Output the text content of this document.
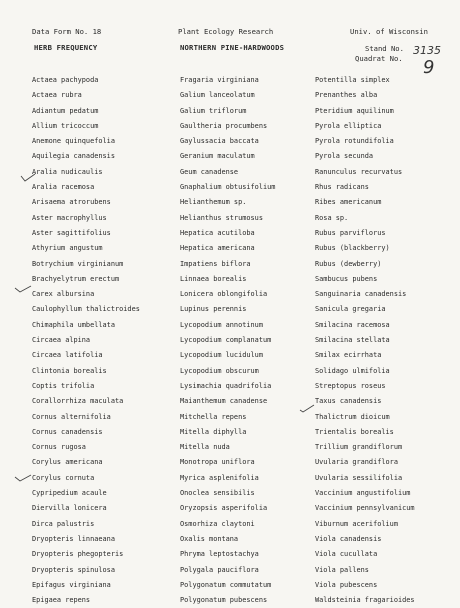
Data Form No. 18	Plant Ecology Research	Univ. of Wisconsin
HERB FREQUENCY	NORTHERN PINE-HARDWOODS	Stand No.
Quadrat No.
3135
9
Actaea pachypoda
Actaea rubra
Adiantum pedatum
Allium tricoccum
Anemone quinquefolia
Aquilegia canadensis
Aralia nudicaulis
Aralia racemosa
Arisaema atrorubens
Aster macrophyllus
Aster sagittifolius
Athyrium angustum
Botrychium virginianum
Brachyelytrum erectum
Carex albursina
Caulophyllum thalictroides
Chimaphila umbellata
Circaea alpina
Circaea latifolia
Clintonia borealis
Coptis trifolia
Corallorrhiza maculata
Cornus alternifolia
Cornus canadensis
Cornus rugosa
Corylus americana
Corylus cornuta
Cypripedium acaule
Diervilla lonicera
Dirca palustris
Dryopteris linnaeana
Dryopteris phegopteris
Dryopteris spinulosa
Epifagus virginiana
Epigaea repens
Fragaria virginiana
Galium lanceolatum
Galium triflorum
Gaultheria procumbens
Gaylussacia baccata
Geranium maculatum
Geum canadense
Gnaphalium obtusifolium
Helianthemum sp.
Helianthus strumosus
Hepatica acutiloba
Hepatica americana
Impatiens biflora
Linnaea borealis
Lonicera oblongifolia
Lupinus perennis
Lycopodium annotinum
Lycopodium complanatum
Lycopodium lucidulum
Lycopodium obscurum
Lysimachia quadrifolia
Maianthemum canadense
Mitchella repens
Mitella diphylla
Mitella nuda
Monotropa uniflora
Myrica asplenifolia
Onoclea sensibilis
Oryzopsis asperifolia
Osmorhiza claytoni
Oxalis montana
Phryma leptostachya
Polygala pauciflora
Polygonatum commutatum
Polygonatum pubescens
Potentilla simplex
Prenanthes alba
Pteridium aquilinum
Pyrola elliptica
Pyrola rotundifolia
Pyrola secunda
Ranunculus recurvatus
Rhus radicans
Ribes americanum
Rosa sp.
Rubus parviflorus
Rubus (blackberry)
Rubus (dewberry)
Sambucus pubens
Sanguinaria canadensis
Sanicula gregaria
Smilacina racemosa
Smilacina stellata
Smilax ecirrhata
Solidago ulmifolia
Streptopus roseus
Taxus canadensis
Thalictrum dioicum
Trientalis borealis
Trillium grandiflorum
Uvularia grandiflora
Uvularia sessilifolia
Vaccinium angustifolium
Vaccinium pennsylvanicum
Viburnum acerifolium
Viola canadensis
Viola cucullata
Viola pallens
Viola pubescens
Waldsteinia fragarioides
